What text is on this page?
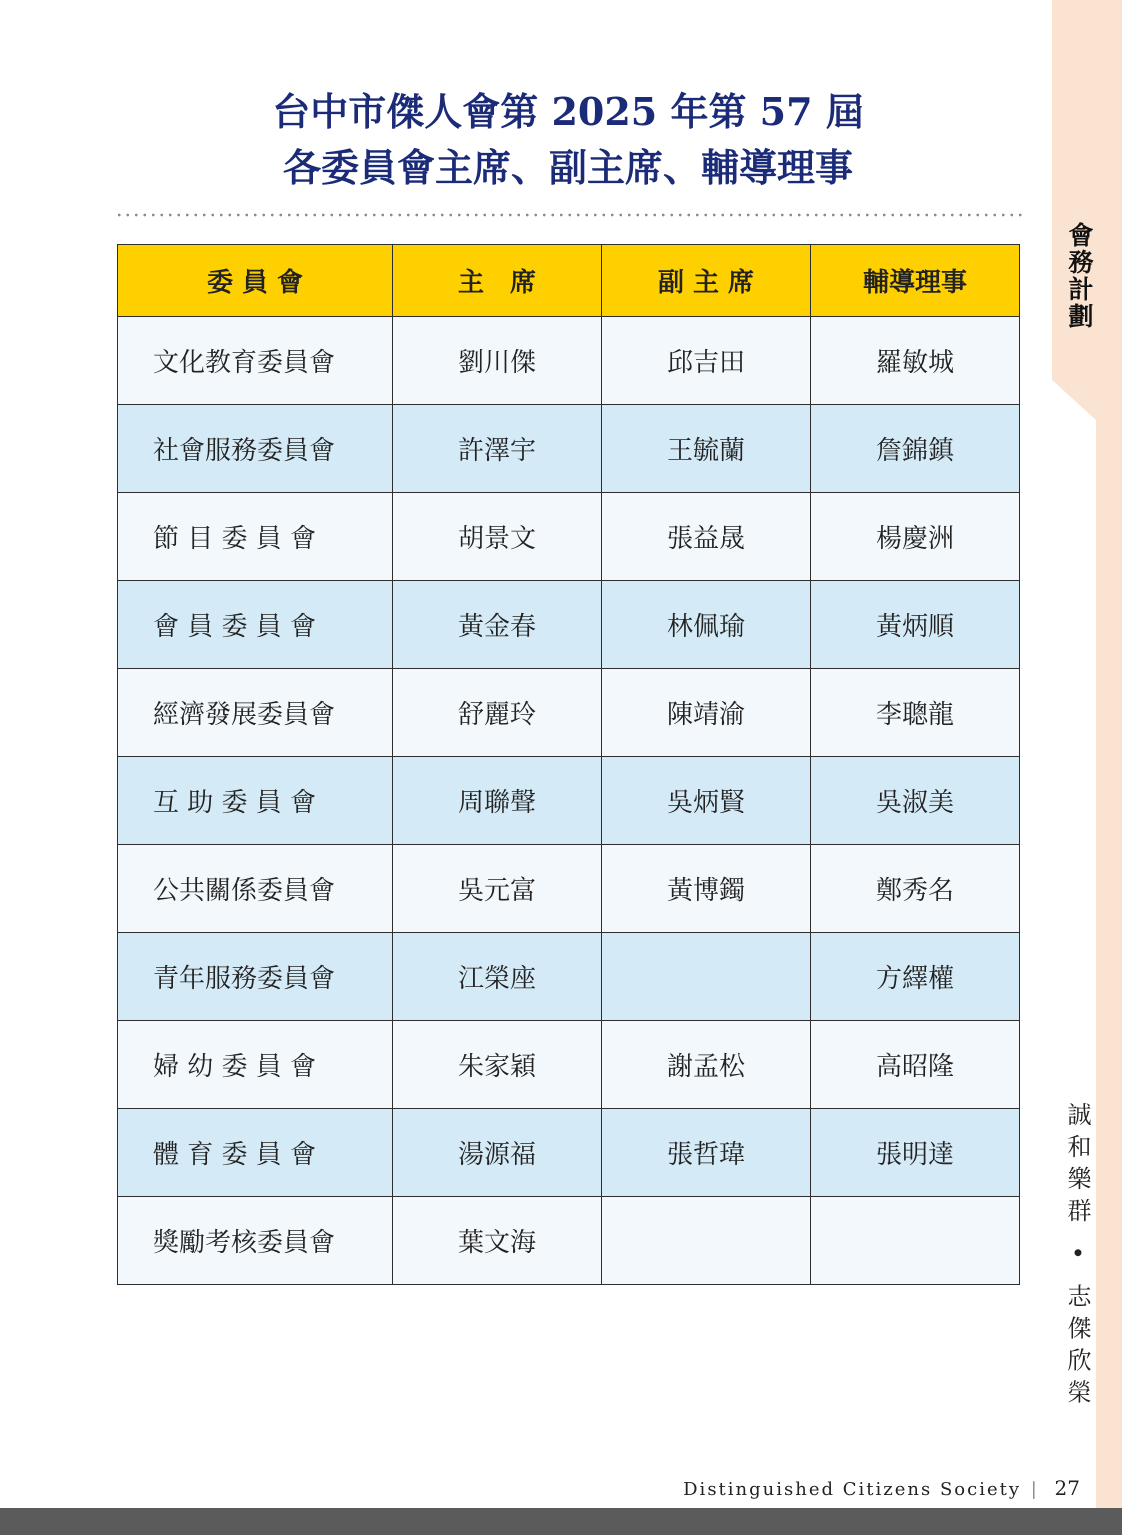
會務計劃
誠和樂群 • 志傑欣榮
台中市傑人會第 2025 年第 57 屆
各委員會主席、副主席、輔導理事
委 員 會	主　席	副 主 席	輔導理事
文化教育委員會	劉川傑	邱吉田	羅敏城
社會服務委員會	許澤宇	王毓蘭	詹錦鎮
節 目 委 員 會	胡景文	張益晟	楊慶洲
會 員 委 員 會	黃金春	林佩瑜	黃炳順
經濟發展委員會	舒麗玲	陳靖渝	李聰龍
互 助 委 員 會	周聯聲	吳炳賢	吳淑美
公共關係委員會	吳元富	黃博鐲	鄭秀名
青年服務委員會	江榮座		方繹權
婦 幼 委 員 會	朱家穎	謝孟松	高昭隆
體 育 委 員 會	湯源福	張哲瑋	張明達
獎勵考核委員會	葉文海		
Distinguished Citizens Society | 27
